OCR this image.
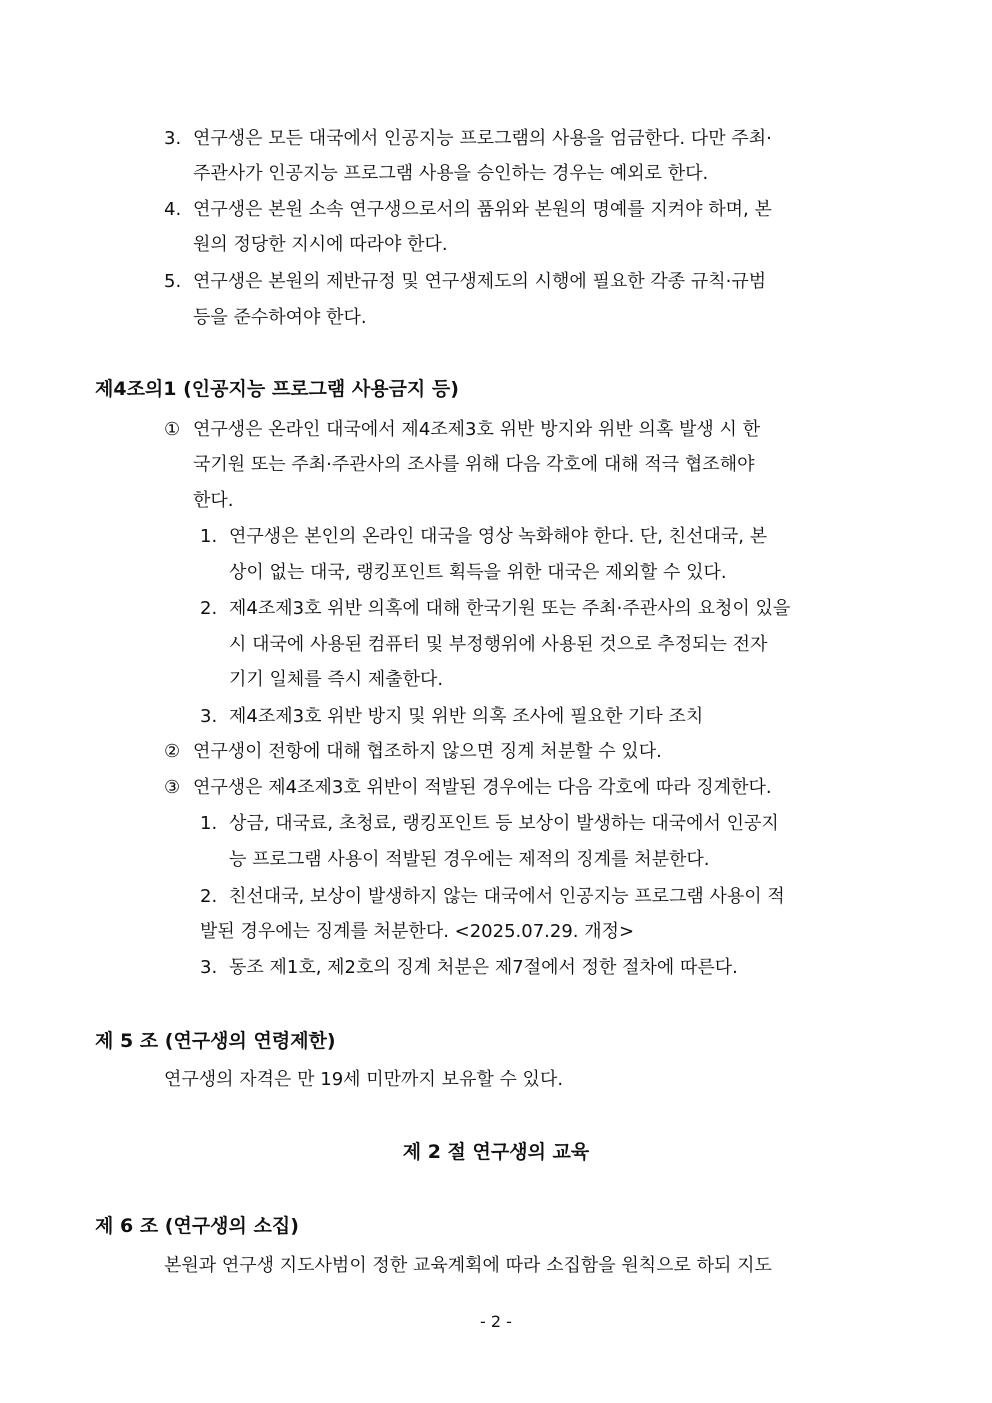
3. 연구생은 모든 대국에서 인공지능 프로그램의 사용을 엄금한다. 다만 주최·
주관사가 인공지능 프로그램 사용을 승인하는 경우는 예외로 한다.
4. 연구생은 본원 소속 연구생으로서의 품위와 본원의 명예를 지켜야 하며, 본
원의 정당한 지시에 따라야 한다.
5. 연구생은 본원의 제반규정 및 연구생제도의 시행에 필요한 각종 규칙·규범
등을 준수하여야 한다.
제4조의1 (인공지능 프로그램 사용금지 등)
① 연구생은 온라인 대국에서 제4조제3호 위반 방지와 위반 의혹 발생 시 한
국기원 또는 주최·주관사의 조사를 위해 다음 각호에 대해 적극 협조해야
한다.
1. 연구생은 본인의 온라인 대국을 영상 녹화해야 한다. 단, 친선대국, 본
상이 없는 대국, 랭킹포인트 획득을 위한 대국은 제외할 수 있다.
2. 제4조제3호 위반 의혹에 대해 한국기원 또는 주최·주관사의 요청이 있을
시 대국에 사용된 컴퓨터 및 부정행위에 사용된 것으로 추정되는 전자
기기 일체를 즉시 제출한다.
3. 제4조제3호 위반 방지 및 위반 의혹 조사에 필요한 기타 조치
② 연구생이 전항에 대해 협조하지 않으면 징계 처분할 수 있다.
③ 연구생은 제4조제3호 위반이 적발된 경우에는 다음 각호에 따라 징계한다.
1. 상금, 대국료, 초청료, 랭킹포인트 등 보상이 발생하는 대국에서 인공지
능 프로그램 사용이 적발된 경우에는 제적의 징계를 처분한다.
2. 친선대국, 보상이 발생하지 않는 대국에서 인공지능 프로그램 사용이 적
발된 경우에는 징계를 처분한다. <2025.07.29. 개정>
3. 동조 제1호, 제2호의 징계 처분은 제7절에서 정한 절차에 따른다.
제 5 조 (연구생의 연령제한)
연구생의 자격은 만 19세 미만까지 보유할 수 있다.
제 2 절 연구생의 교육
제 6 조 (연구생의 소집)
본원과 연구생 지도사범이 정한 교육계획에 따라 소집함을 원칙으로 하되 지도
- 2 -
